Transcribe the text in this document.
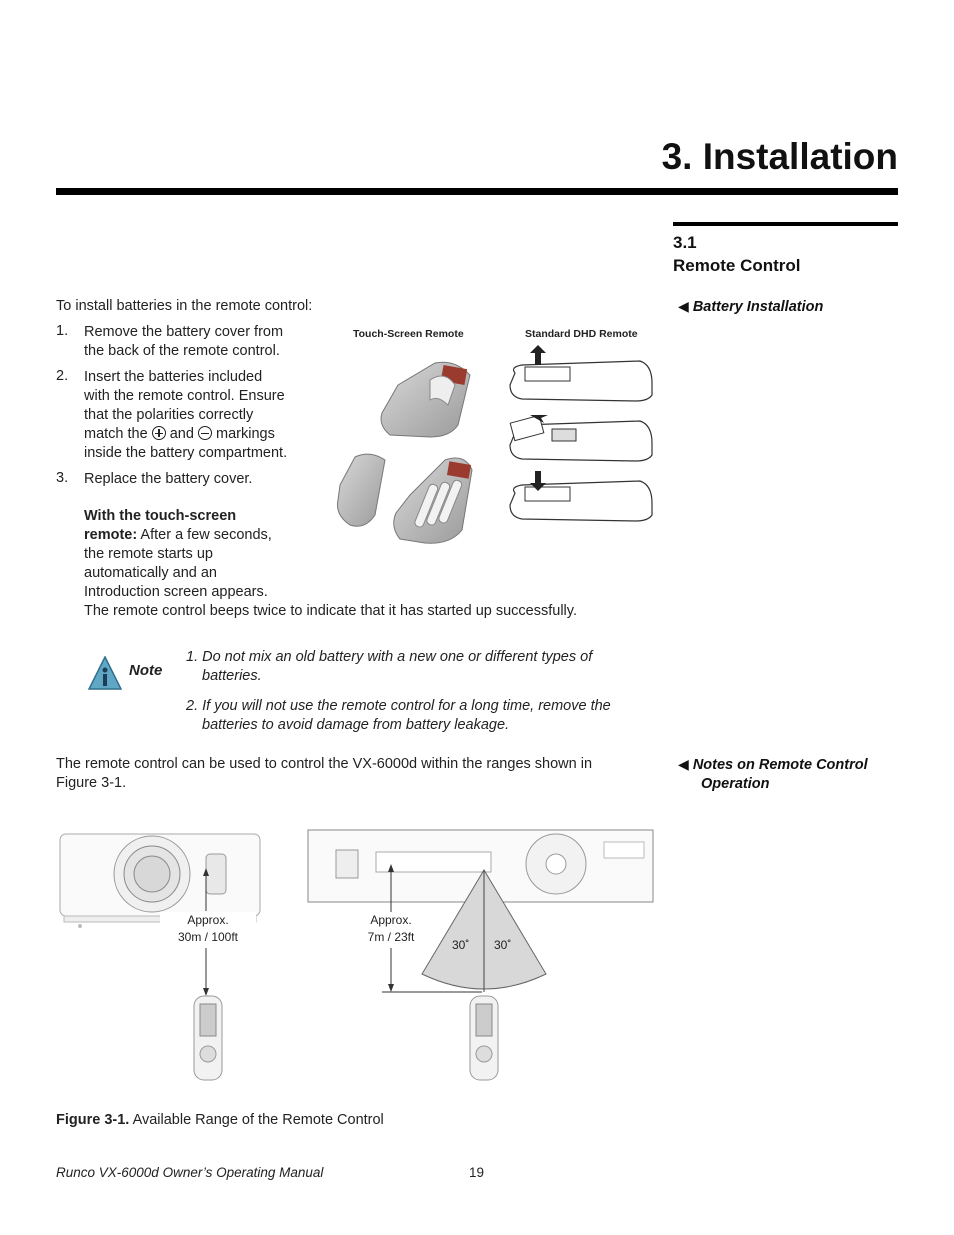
3. Installation
3.1
Remote Control
◀ Battery Installation
To install batteries in the remote control:
1. Remove the battery cover from
the back of the remote control.
2. Insert the batteries included
with the remote control. Ensure
that the polarities correctly
match the and markings
inside the battery compartment.
3. Replace the battery cover.
With the touch-screen
remote: After a few seconds,
the remote starts up
automatically and an
Introduction screen appears.
The remote control beeps twice to indicate that it has started up successfully.
Touch-Screen Remote	Standard DHD Remote
Note
1. Do not mix an old battery with a new one or different types of
batteries.
2. If you will not use the remote control for a long time, remove the
batteries to avoid damage from battery leakage.
◀ Notes on Remote Control
Operation
The remote control can be used to control the VX-6000d within the ranges shown in
Figure 3-1.
Approx.
30m / 100ft
Approx.
7m / 23ft
30˚ 30˚
Figure 3-1. Available Range of the Remote Control
Runco VX-6000d Owner’s Operating Manual	19
